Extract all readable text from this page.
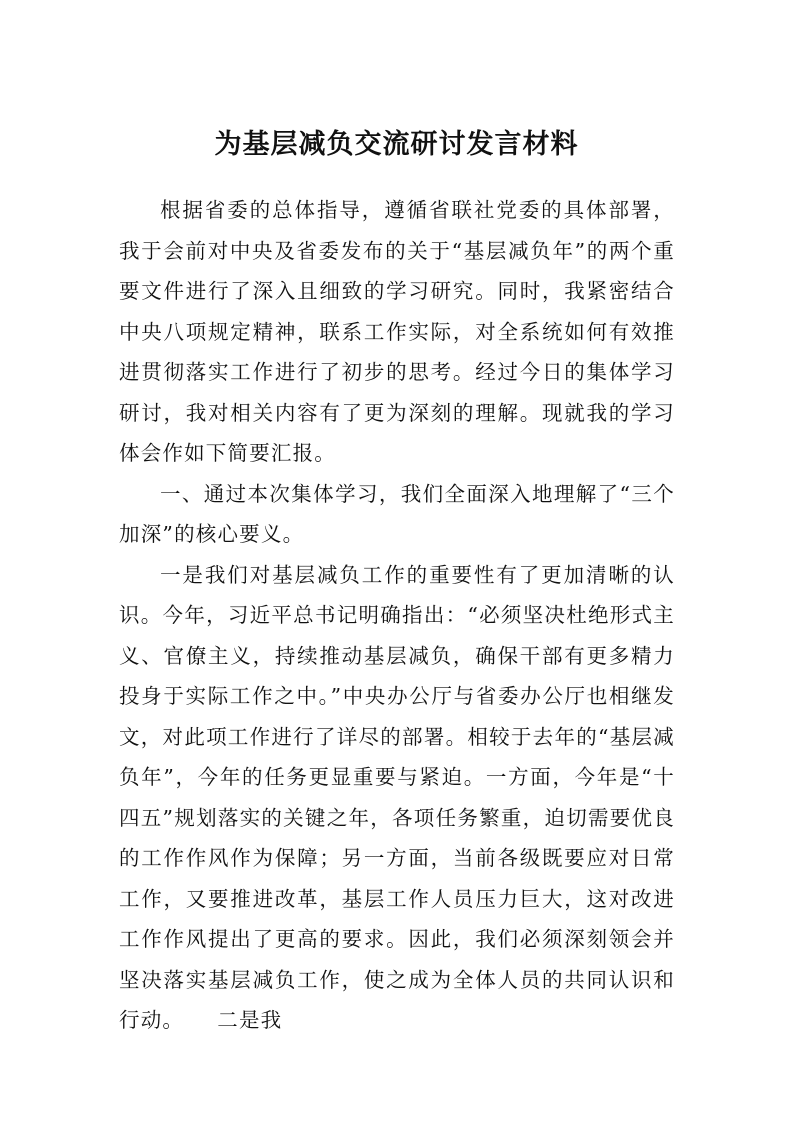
为基层减负交流研讨发言材料

根据省委的总体指导，遵循省联社党委的具体部署，我于会前对中央及省委发布的关于“基层减负年”的两个重要文件进行了深入且细致的学习研究。同时，我紧密结合中央八项规定精神，联系工作实际，对全系统如何有效推进贯彻落实工作进行了初步的思考。经过今日的集体学习研讨，我对相关内容有了更为深刻的理解。现就我的学习体会作如下简要汇报。

一、通过本次集体学习，我们全面深入地理解了“三个加深”的核心要义。

一是我们对基层减负工作的重要性有了更加清晰的认识。今年，习近平总书记明确指出：“必须坚决杜绝形式主义、官僚主义，持续推动基层减负，确保干部有更多精力投身于实际工作之中。”中央办公厅与省委办公厅也相继发文，对此项工作进行了详尽的部署。相较于去年的“基层减负年”，今年的任务更显重要与紧迫。一方面，今年是“十四五”规划落实的关键之年，各项任务繁重，迫切需要优良的工作作风作为保障；另一方面，当前各级既要应对日常工作，又要推进改革，基层工作人员压力巨大，这对改进工作作风提出了更高的要求。因此，我们必须深刻领会并坚决落实基层减负工作，使之成为全体人员的共同认识和行动。　　二是我
